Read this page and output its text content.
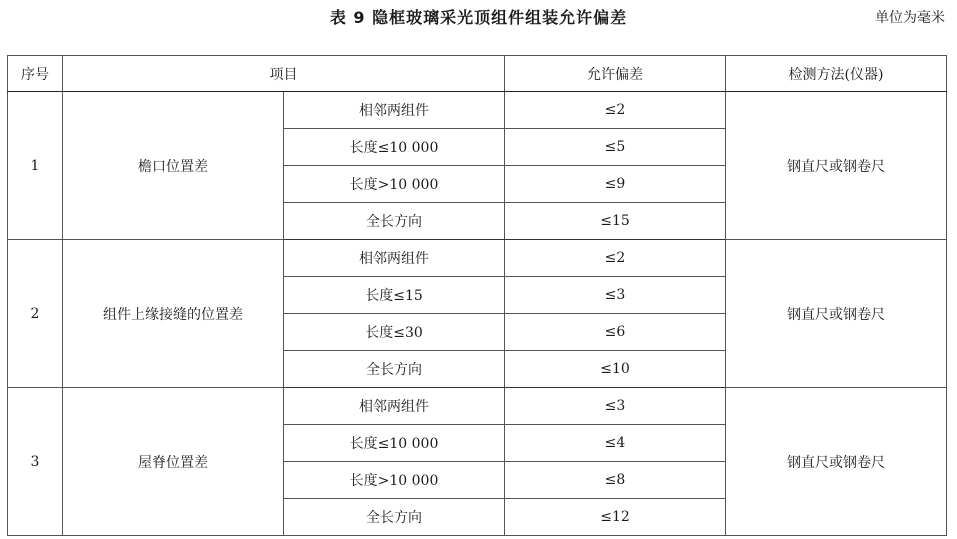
表 9 隐框玻璃采光顶组件组装允许偏差	单位为毫米
序号	项目		允许偏差	检测方法(仪器)
1	檐口位置差	相邻两组件	≤2	钢直尺或钢卷尺
		长度≤10 000	≤5	
		长度>10 000	≤9	
		全长方向	≤15	
2	组件上缘接缝的位置差	相邻两组件	≤2	钢直尺或钢卷尺
		长度≤15	≤3	
		长度≤30	≤6	
		全长方向	≤10	
3	屋脊位置差	相邻两组件	≤3	钢直尺或钢卷尺
		长度≤10 000	≤4	
		长度>10 000	≤8	
		全长方向	≤12	
